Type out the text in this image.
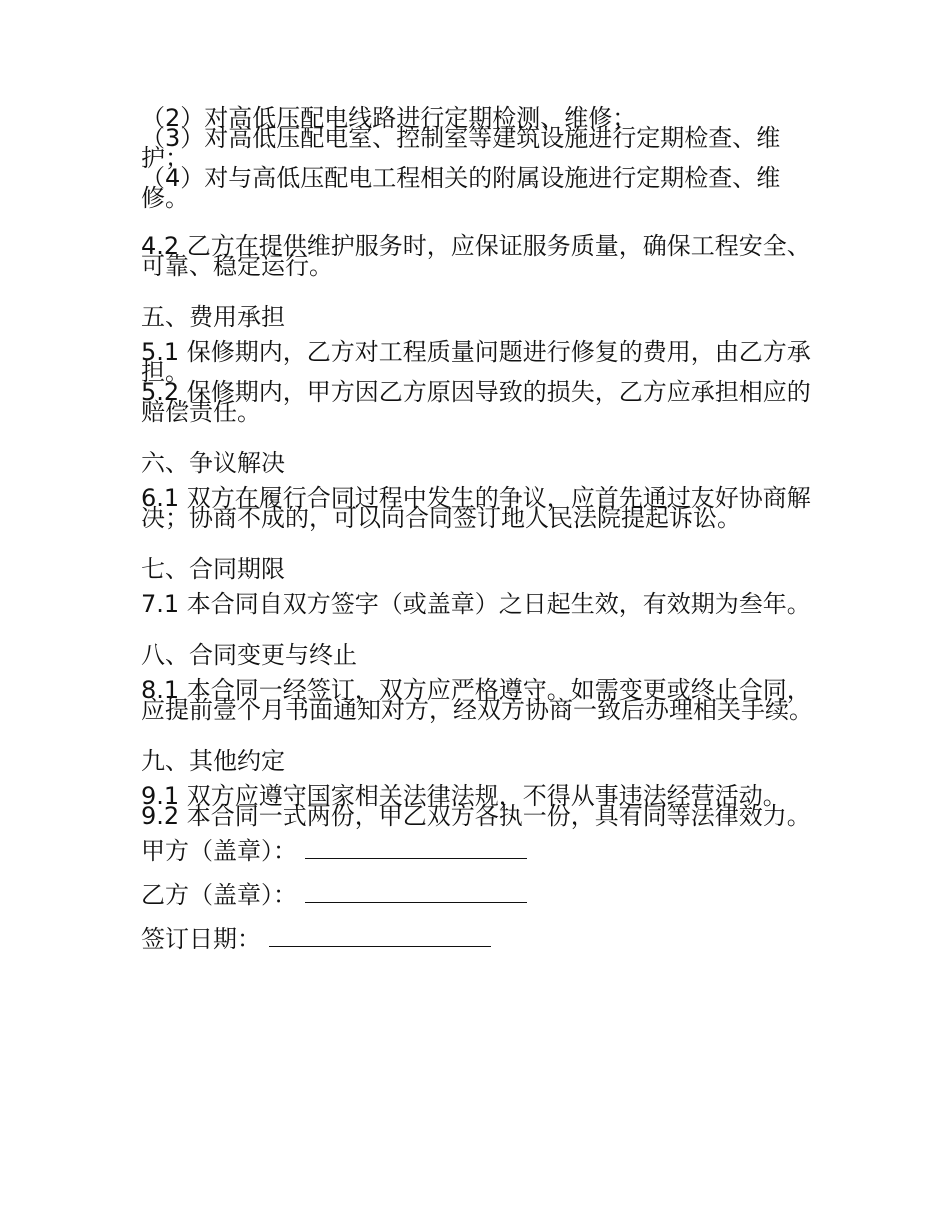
（2）对高低压配电线路进行定期检测、维修；

（3）对高低压配电室、控制室等建筑设施进行定期检查、维护；

（4）对与高低压配电工程相关的附属设施进行定期检查、维修。

4.2 乙方在提供维护服务时，应保证服务质量，确保工程安全、可靠、稳定运行。

五、费用承担

5.1 保修期内，乙方对工程质量问题进行修复的费用，由乙方承担。

5.2 保修期内，甲方因乙方原因导致的损失，乙方应承担相应的赔偿责任。

六、争议解决

6.1 双方在履行合同过程中发生的争议，应首先通过友好协商解决；协商不成的，可以向合同签订地人民法院提起诉讼。

七、合同期限

7.1 本合同自双方签字（或盖章）之日起生效，有效期为叁年。

八、合同变更与终止

8.1 本合同一经签订，双方应严格遵守。如需变更或终止合同，应提前壹个月书面通知对方，经双方协商一致后办理相关手续。

九、其他约定

9.1 双方应遵守国家相关法律法规，不得从事违法经营活动。

9.2 本合同一式两份，甲乙双方各执一份，具有同等法律效力。

甲方（盖章）：

乙方（盖章）：

签订日期：
